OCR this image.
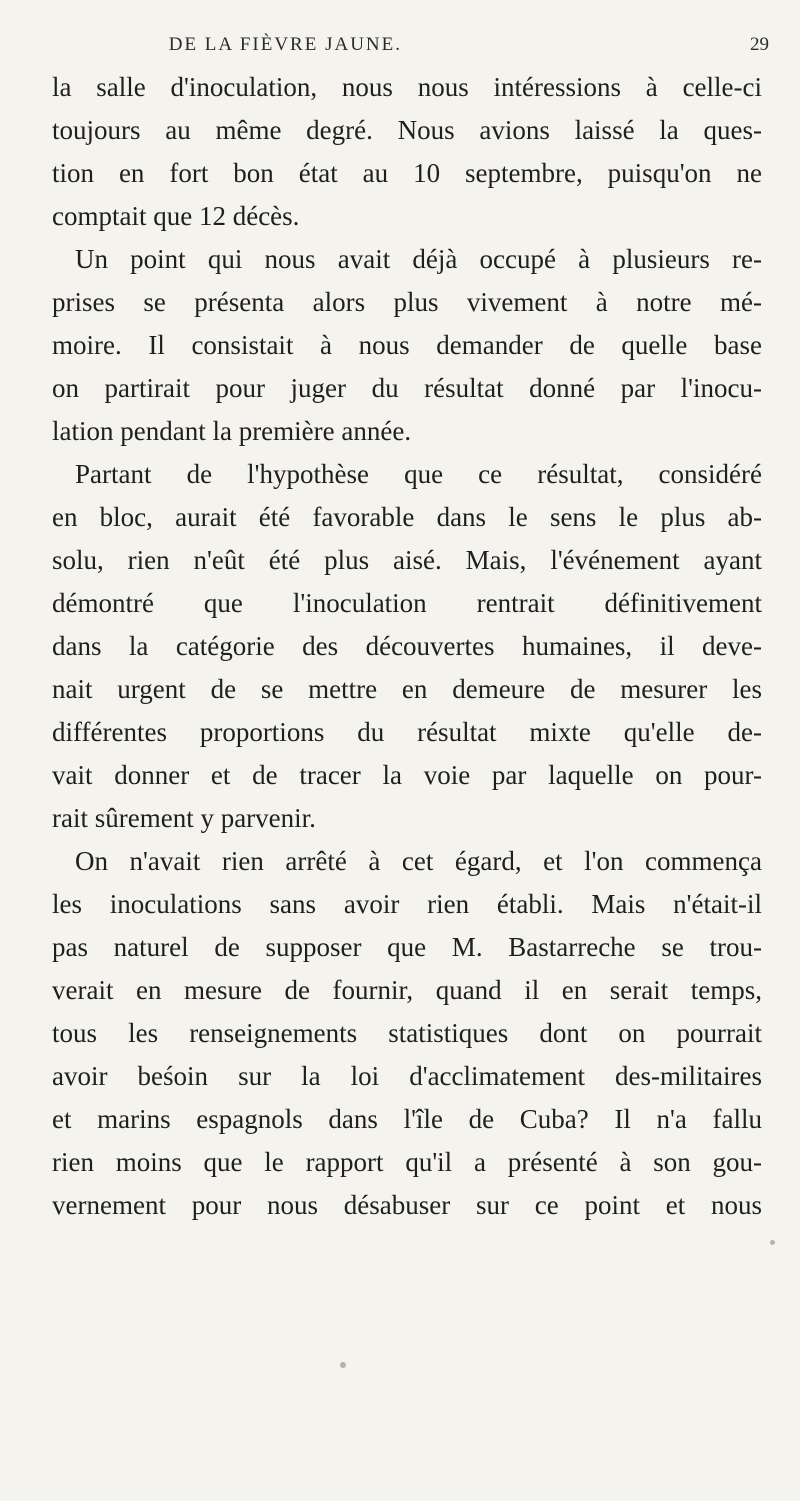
DE LA FIÈVRE JAUNE.	29
la salle d'inoculation, nous nous intéressions à celle-ci
toujours au même degré. Nous avions laissé la ques-
tion en fort bon état au 10 septembre, puisqu'on ne
comptait que 12 décès.
Un point qui nous avait déjà occupé à plusieurs re-
prises se présenta alors plus vivement à notre mé-
moire. Il consistait à nous demander de quelle base
on partirait pour juger du résultat donné par l'inocu-
lation pendant la première année.
Partant de l'hypothèse que ce résultat, considéré
en bloc, aurait été favorable dans le sens le plus ab-
solu, rien n'eût été plus aisé. Mais, l'événement ayant
démontré que l'inoculation rentrait définitivement
dans la catégorie des découvertes humaines, il deve-
nait urgent de se mettre en demeure de mesurer les
différentes proportions du résultat mixte qu'elle de-
vait donner et de tracer la voie par laquelle on pour-
rait sûrement y parvenir.
On n'avait rien arrêté à cet égard, et l'on commença
les inoculations sans avoir rien établi. Mais n'était-il
pas naturel de supposer que M. Bastarreche se trou-
verait en mesure de fournir, quand il en serait temps,
tous les renseignements statistiques dont on pourrait
avoir beśoin sur la loi d'acclimatement des-militaires
et marins espagnols dans l'île de Cuba? Il n'a fallu
rien moins que le rapport qu'il a présenté à son gou-
vernement pour nous désabuser sur ce point et nous
